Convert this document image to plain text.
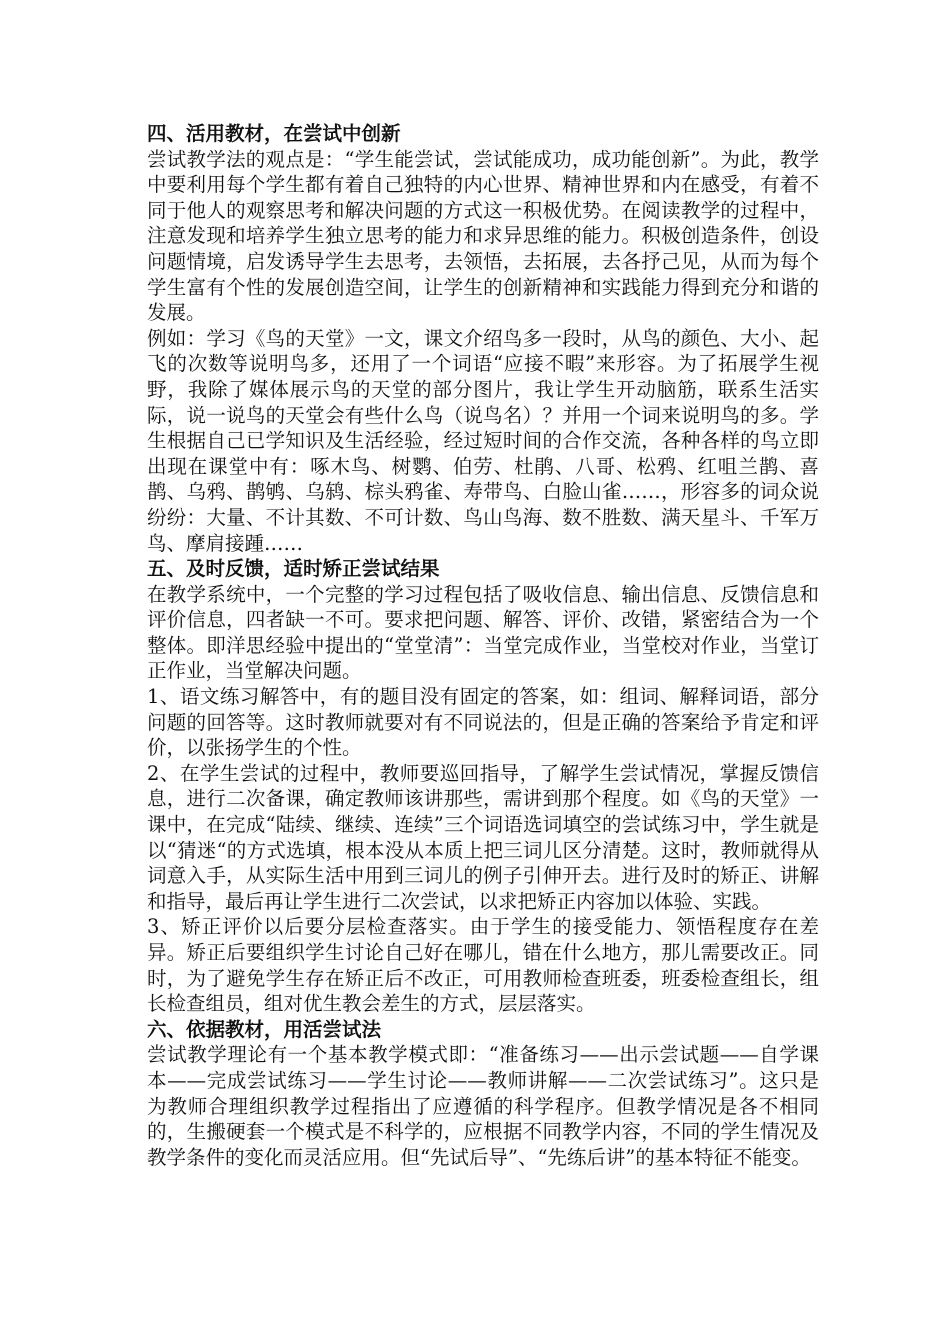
四、活用教材，在尝试中创新

尝试教学法的观点是：“学生能尝试，尝试能成功，成功能创新”。为此，教学中要利用每个学生都有着自己独特的内心世界、精神世界和内在感受，有着不同于他人的观察思考和解决问题的方式这一积极优势。在阅读教学的过程中，注意发现和培养学生独立思考的能力和求异思维的能力。积极创造条件，创设问题情境，启发诱导学生去思考，去领悟，去拓展，去各抒己见，从而为每个学生富有个性的发展创造空间，让学生的创新精神和实践能力得到充分和谐的发展。

例如：学习《鸟的天堂》一文，课文介绍鸟多一段时，从鸟的颜色、大小、起飞的次数等说明鸟多，还用了一个词语“应接不暇”来形容。为了拓展学生视野，我除了媒体展示鸟的天堂的部分图片，我让学生开动脑筋，联系生活实际，说一说鸟的天堂会有些什么鸟（说鸟名）？并用一个词来说明鸟的多。学生根据自己已学知识及生活经验，经过短时间的合作交流，各种各样的鸟立即出现在课堂中有：啄木鸟、树鹦、伯劳、杜鹃、八哥、松鸦、红咀兰鹊、喜鹊、乌鸦、鹊鸲、乌鸫、棕头鸦雀、寿带鸟、白脸山雀……，形容多的词众说纷纷：大量、不计其数、不可计数、鸟山鸟海、数不胜数、满天星斗、千军万鸟、摩肩接踵……

五、及时反馈，适时矫正尝试结果

在教学系统中，一个完整的学习过程包括了吸收信息、输出信息、反馈信息和评价信息，四者缺一不可。要求把问题、解答、评价、改错，紧密结合为一个整体。即洋思经验中提出的“堂堂清”：当堂完成作业，当堂校对作业，当堂订正作业，当堂解决问题。

1、语文练习解答中，有的题目没有固定的答案，如：组词、解释词语，部分问题的回答等。这时教师就要对有不同说法的，但是正确的答案给予肯定和评价，以张扬学生的个性。

2、在学生尝试的过程中，教师要巡回指导，了解学生尝试情况，掌握反馈信息，进行二次备课，确定教师该讲那些，需讲到那个程度。如《鸟的天堂》一课中，在完成“陆续、继续、连续”三个词语选词填空的尝试练习中，学生就是以“猜迷“的方式选填，根本没从本质上把三词儿区分清楚。这时，教师就得从词意入手，从实际生活中用到三词儿的例子引伸开去。进行及时的矫正、讲解和指导，最后再让学生进行二次尝试，以求把矫正内容加以体验、实践。

3、矫正评价以后要分层检查落实。由于学生的接受能力、领悟程度存在差异。矫正后要组织学生讨论自己好在哪儿，错在什么地方，那儿需要改正。同时，为了避免学生存在矫正后不改正，可用教师检查班委，班委检查组长，组长检查组员，组对优生教会差生的方式，层层落实。

六、依据教材，用活尝试法

尝试教学理论有一个基本教学模式即：“准备练习——出示尝试题——自学课本——完成尝试练习——学生讨论——教师讲解——二次尝试练习”。这只是为教师合理组织教学过程指出了应遵循的科学程序。但教学情况是各不相同的，生搬硬套一个模式是不科学的，应根据不同教学内容，不同的学生情况及教学条件的变化而灵活应用。但“先试后导”、“先练后讲”的基本特征不能变。
